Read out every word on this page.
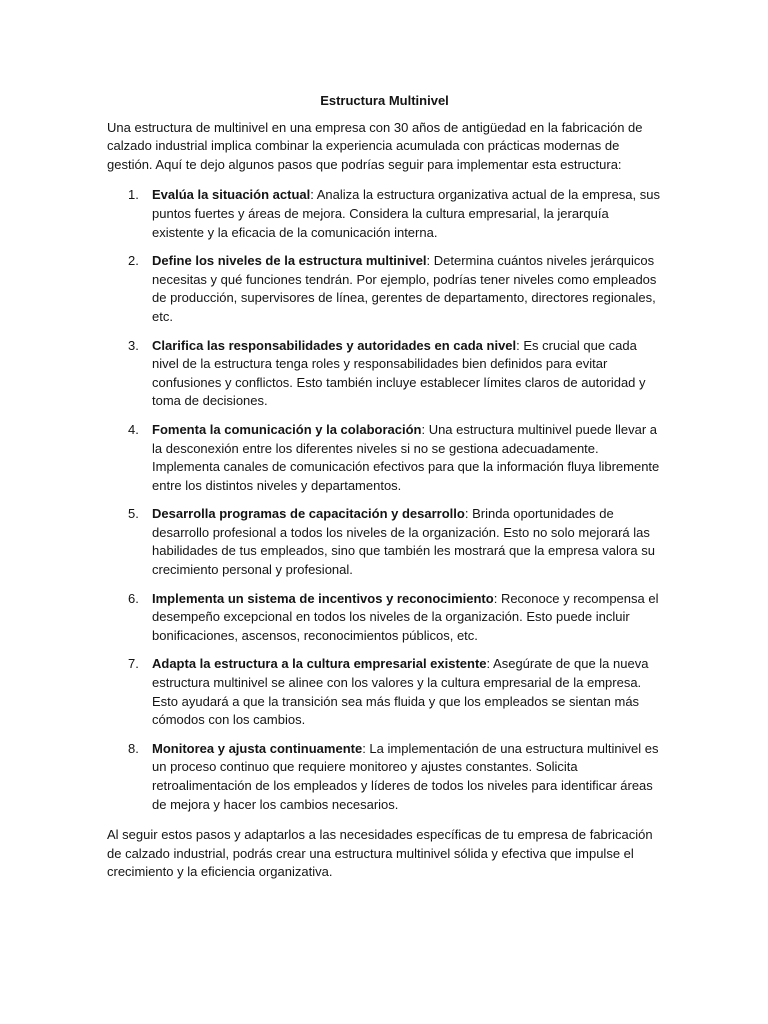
Estructura Multinivel

Una estructura de multinivel en una empresa con 30 años de antigüedad en la fabricación de calzado industrial implica combinar la experiencia acumulada con prácticas modernas de gestión. Aquí te dejo algunos pasos que podrías seguir para implementar esta estructura:

1. Evalúa la situación actual: Analiza la estructura organizativa actual de la empresa, sus puntos fuertes y áreas de mejora. Considera la cultura empresarial, la jerarquía existente y la eficacia de la comunicación interna.
2. Define los niveles de la estructura multinivel: Determina cuántos niveles jerárquicos necesitas y qué funciones tendrán. Por ejemplo, podrías tener niveles como empleados de producción, supervisores de línea, gerentes de departamento, directores regionales, etc.
3. Clarifica las responsabilidades y autoridades en cada nivel: Es crucial que cada nivel de la estructura tenga roles y responsabilidades bien definidos para evitar confusiones y conflictos. Esto también incluye establecer límites claros de autoridad y toma de decisiones.
4. Fomenta la comunicación y la colaboración: Una estructura multinivel puede llevar a la desconexión entre los diferentes niveles si no se gestiona adecuadamente. Implementa canales de comunicación efectivos para que la información fluya libremente entre los distintos niveles y departamentos.
5. Desarrolla programas de capacitación y desarrollo: Brinda oportunidades de desarrollo profesional a todos los niveles de la organización. Esto no solo mejorará las habilidades de tus empleados, sino que también les mostrará que la empresa valora su crecimiento personal y profesional.
6. Implementa un sistema de incentivos y reconocimiento: Reconoce y recompensa el desempeño excepcional en todos los niveles de la organización. Esto puede incluir bonificaciones, ascensos, reconocimientos públicos, etc.
7. Adapta la estructura a la cultura empresarial existente: Asegúrate de que la nueva estructura multinivel se alinee con los valores y la cultura empresarial de la empresa. Esto ayudará a que la transición sea más fluida y que los empleados se sientan más cómodos con los cambios.
8. Monitorea y ajusta continuamente: La implementación de una estructura multinivel es un proceso continuo que requiere monitoreo y ajustes constantes. Solicita retroalimentación de los empleados y líderes de todos los niveles para identificar áreas de mejora y hacer los cambios necesarios.

Al seguir estos pasos y adaptarlos a las necesidades específicas de tu empresa de fabricación de calzado industrial, podrás crear una estructura multinivel sólida y efectiva que impulse el crecimiento y la eficiencia organizativa.
